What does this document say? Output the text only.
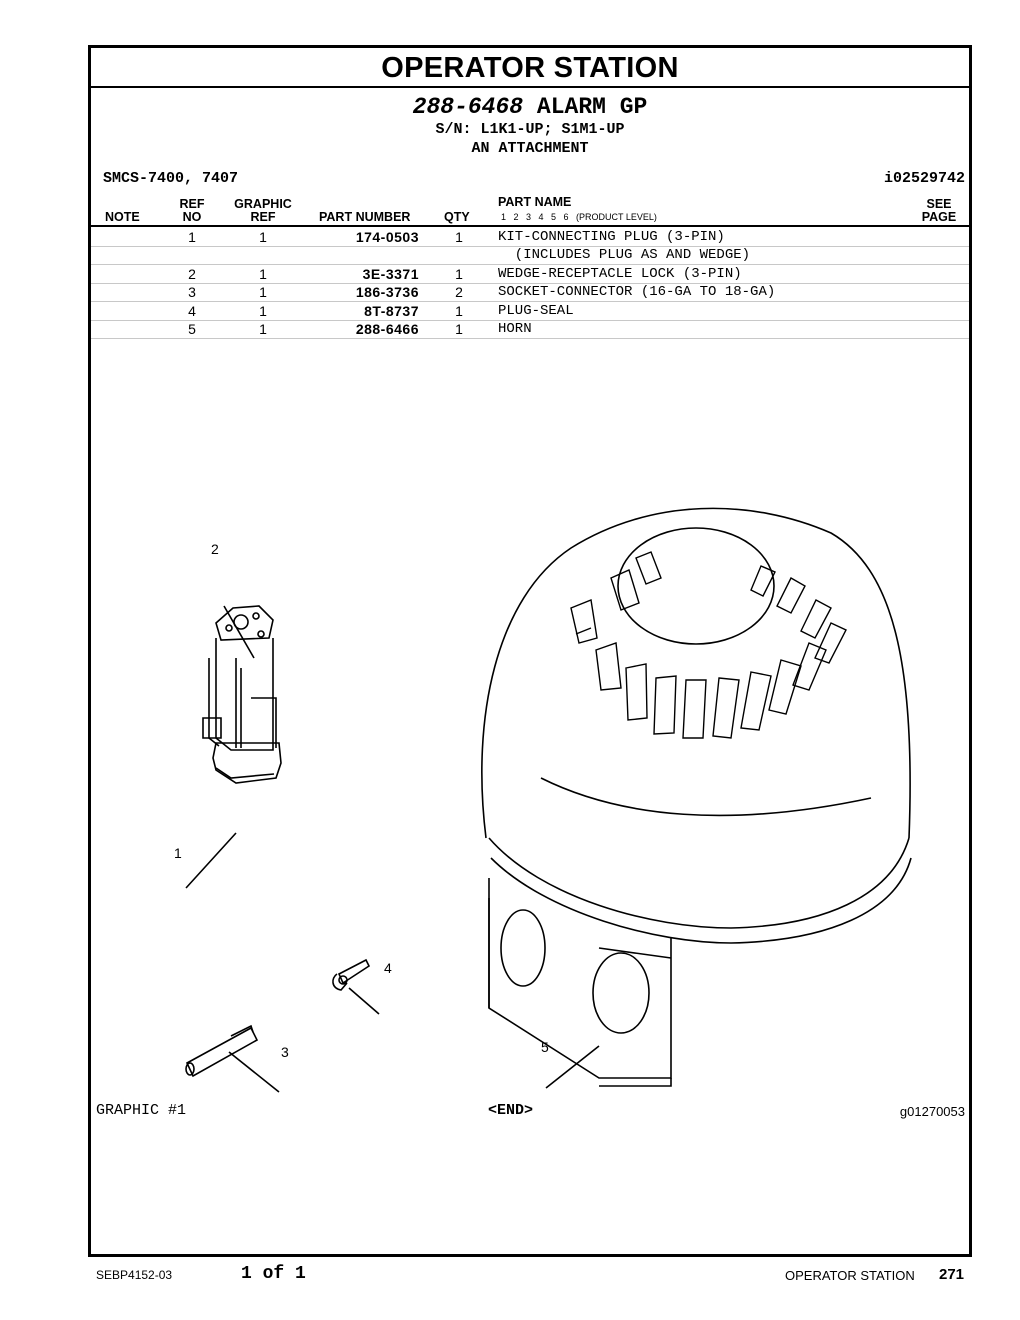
OPERATOR STATION
288-6468 ALARM GP
S/N: L1K1-UP; S1M1-UP
AN ATTACHMENT
SMCS-7400, 7407	i02529742
NOTE
REF
NO
GRAPHIC
REF	PART NUMBER	QTY
PART NAME
1   2   3   4   5   6   (PRODUCT LEVEL)
SEE
PAGE
1	1	174-0503	1	KIT-CONNECTING PLUG (3-PIN)
(INCLUDES PLUG AS AND WEDGE)
2	1	3E-3371	1	WEDGE-RECEPTACLE LOCK (3-PIN)
3	1	186-3736	2	SOCKET-CONNECTOR (16-GA TO 18-GA)
4	1	8T-8737	1	PLUG-SEAL
5	1	288-6466	1	HORN
2
1
4
3	5
GRAPHIC #1	<END>	g01270053
SEBP4152-03	1 of 1	OPERATOR STATION 271
